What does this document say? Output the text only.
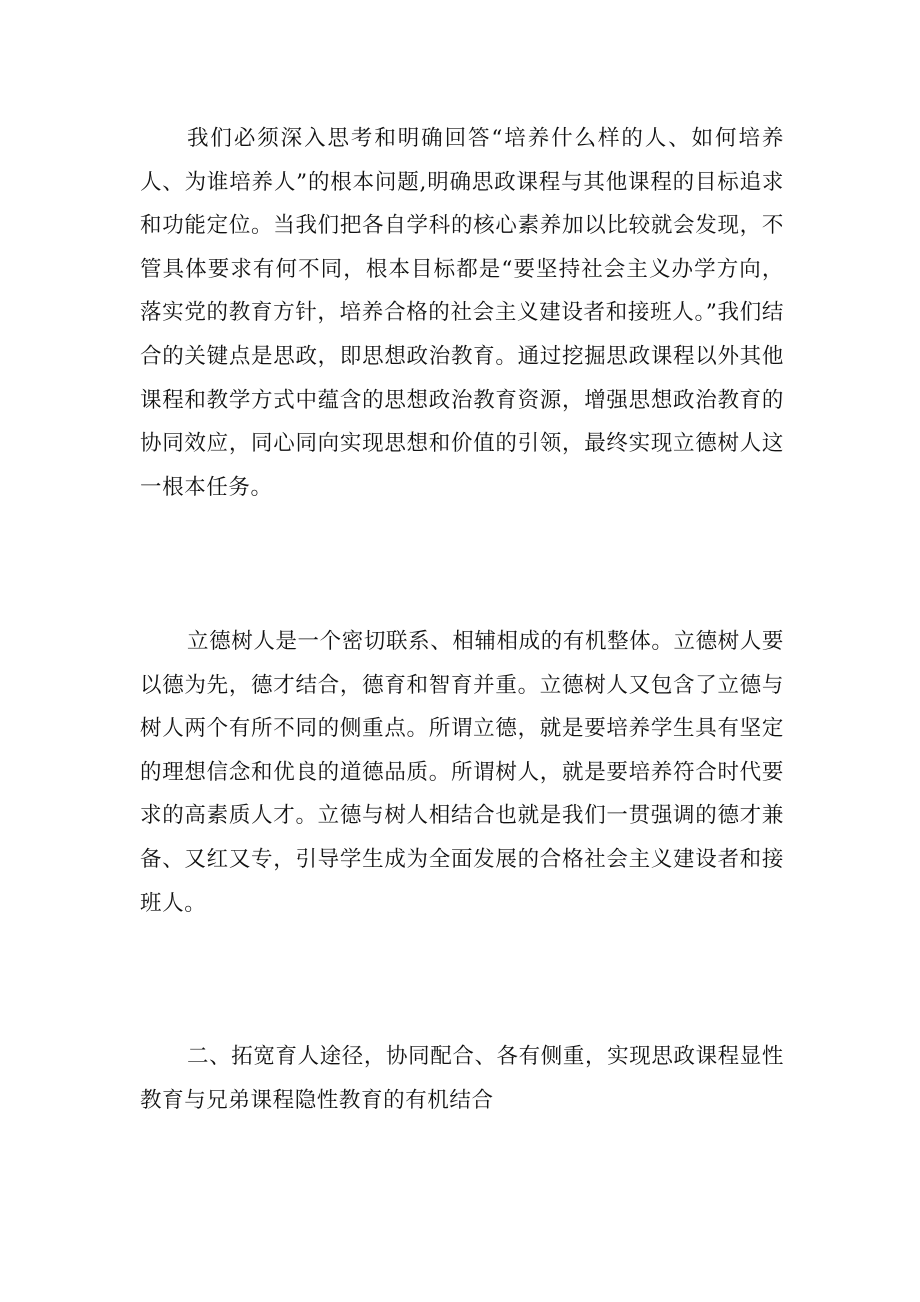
我们必须深入思考和明确回答“培养什么样的人、如何培养人、为谁培养人”的根本问题,明确思政课程与其他课程的目标追求和功能定位。当我们把各自学科的核心素养加以比较就会发现，不管具体要求有何不同，根本目标都是“要坚持社会主义办学方向，落实党的教育方针，培养合格的社会主义建设者和接班人。”我们结合的关键点是思政，即思想政治教育。通过挖掘思政课程以外其他课程和教学方式中蕴含的思想政治教育资源，增强思想政治教育的协同效应，同心同向实现思想和价值的引领，最终实现立德树人这一根本任务。

立德树人是一个密切联系、相辅相成的有机整体。立德树人要以德为先，德才结合，德育和智育并重。立德树人又包含了立德与树人两个有所不同的侧重点。所谓立德，就是要培养学生具有坚定的理想信念和优良的道德品质。所谓树人，就是要培养符合时代要求的高素质人才。立德与树人相结合也就是我们一贯强调的德才兼备、又红又专，引导学生成为全面发展的合格社会主义建设者和接班人。

二、拓宽育人途径，协同配合、各有侧重，实现思政课程显性教育与兄弟课程隐性教育的有机结合
